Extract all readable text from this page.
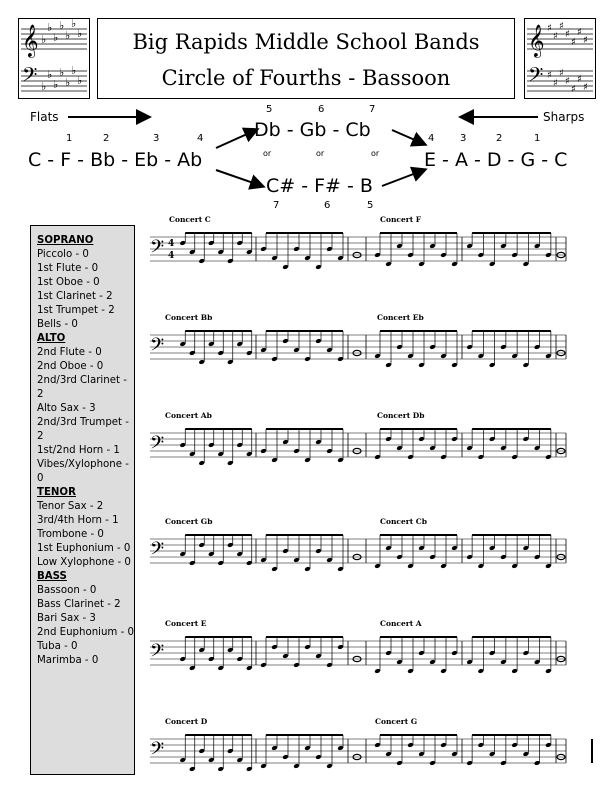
𝄞
𝄢
♭
♭
♭
♭
♭
♭
♭
♭
♭
♭
♭
♭
♭
♭
Big Rapids Middle School Bands
Circle of Fourths - Bassoon
𝄞
𝄢
♯
♯
♯
♯
♯
♯
♯
♯
♯
♯
♯
♯
♯
♯
Flats	Sharps
1	2	3	4
C - F - Bb - Eb - Ab
5	6	7
Db - Gb - Cb
or	or	or
C# - F# - B
7	6	5
4	3	2	1
E - A - D - G - C
SOPRANO
Piccolo - 0
1st Flute - 0
1st Oboe - 0
1st Clarinet - 2
1st Trumpet - 2
Bells - 0
ALTO
2nd Flute - 0
2nd Oboe - 0
2nd/3rd Clarinet - 2
Alto Sax - 3
2nd/3rd Trumpet - 2
1st/2nd Horn - 1
Vibes/Xylophone - 0
TENOR
Tenor Sax - 2
3rd/4th Horn - 1
Trombone - 0
1st Euphonium - 0
Low Xylophone - 0
BASS
Bassoon - 0
Bass Clarinet - 2
Bari Sax - 3
2nd Euphonium - 0
Tuba - 0
Marimba - 0
Concert C	Concert F
Concert Bb	Concert Eb
Concert Ab	Concert Db
Concert Gb	Concert Cb
Concert E	Concert A
Concert D	Concert G
𝄢
𝄢
𝄢
𝄢
𝄢
𝄢
4
4
